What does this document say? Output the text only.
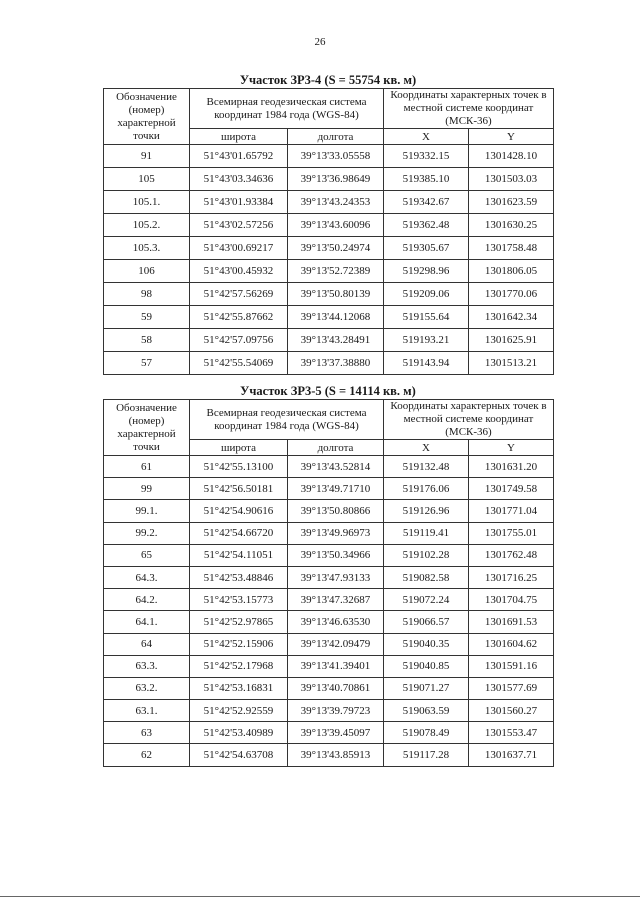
26
Участок ЗР3-4 (S = 55754 кв. м)
Обозначение (номер) характерной точки	Всемирная геодезическая система координат 1984 года (WGS-84)		Координаты характерных точек в местной системе координат (МСК-36)	
	широта	долгота	X	Y
91	51°43'01.65792	39°13'33.05558	519332.15	1301428.10
105	51°43'03.34636	39°13'36.98649	519385.10	1301503.03
105.1.	51°43'01.93384	39°13'43.24353	519342.67	1301623.59
105.2.	51°43'02.57256	39°13'43.60096	519362.48	1301630.25
105.3.	51°43'00.69217	39°13'50.24974	519305.67	1301758.48
106	51°43'00.45932	39°13'52.72389	519298.96	1301806.05
98	51°42'57.56269	39°13'50.80139	519209.06	1301770.06
59	51°42'55.87662	39°13'44.12068	519155.64	1301642.34
58	51°42'57.09756	39°13'43.28491	519193.21	1301625.91
57	51°42'55.54069	39°13'37.38880	519143.94	1301513.21
Участок ЗР3-5 (S = 14114 кв. м)
Обозначение (номер) характерной точки	Всемирная геодезическая система координат 1984 года (WGS-84)		Координаты характерных точек в местной системе координат (МСК-36)	
	широта	долгота	X	Y
61	51°42'55.13100	39°13'43.52814	519132.48	1301631.20
99	51°42'56.50181	39°13'49.71710	519176.06	1301749.58
99.1.	51°42'54.90616	39°13'50.80866	519126.96	1301771.04
99.2.	51°42'54.66720	39°13'49.96973	519119.41	1301755.01
65	51°42'54.11051	39°13'50.34966	519102.28	1301762.48
64.3.	51°42'53.48846	39°13'47.93133	519082.58	1301716.25
64.2.	51°42'53.15773	39°13'47.32687	519072.24	1301704.75
64.1.	51°42'52.97865	39°13'46.63530	519066.57	1301691.53
64	51°42'52.15906	39°13'42.09479	519040.35	1301604.62
63.3.	51°42'52.17968	39°13'41.39401	519040.85	1301591.16
63.2.	51°42'53.16831	39°13'40.70861	519071.27	1301577.69
63.1.	51°42'52.92559	39°13'39.79723	519063.59	1301560.27
63	51°42'53.40989	39°13'39.45097	519078.49	1301553.47
62	51°42'54.63708	39°13'43.85913	519117.28	1301637.71
